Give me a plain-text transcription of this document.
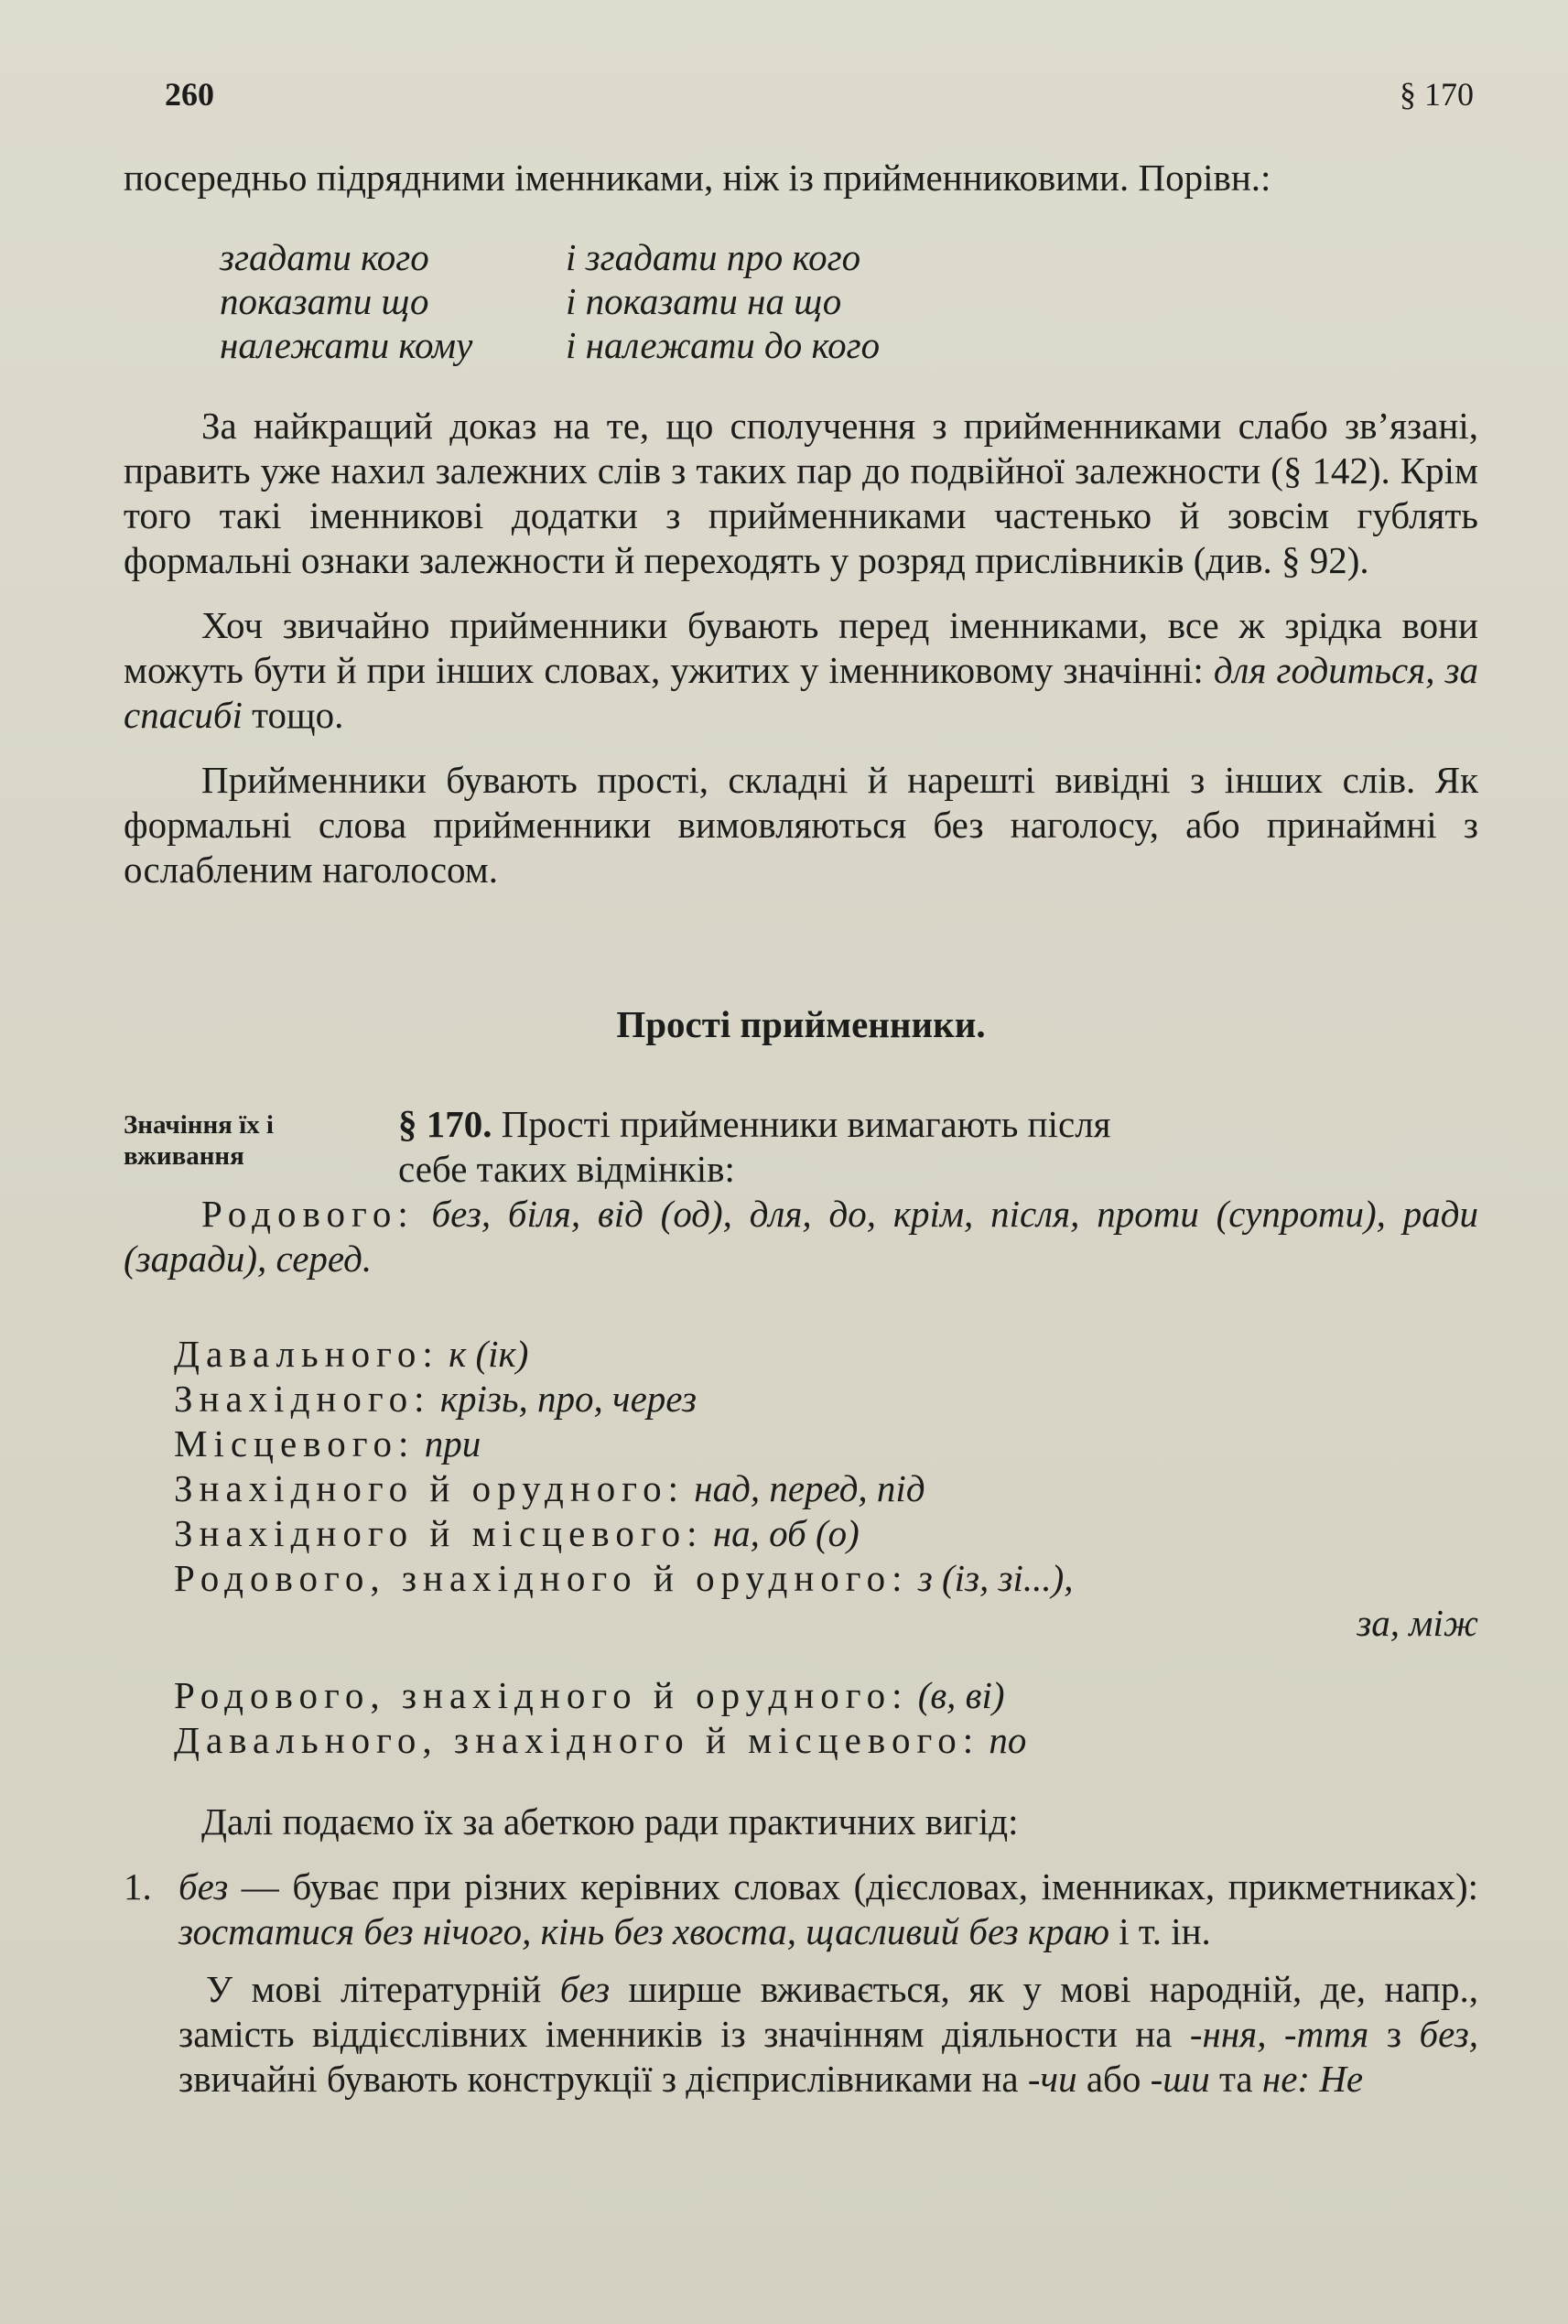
260	§ 170

посередньо підрядними іменниками, ніж із прийменниковими. Порівн.:

згадати кого	і згадати про кого
показати що	і показати на що
належати кому	і належати до кого

За найкращий доказ на те, що сполучення з прийменниками слабо зв’язані, править уже нахил залежних слів з таких пар до подвійної залежности (§ 142). Крім того такі іменникові додатки з прийменниками частенько й зовсім гублять формальні ознаки залежности й переходять у розряд прислівників (див. § 92).

Хоч звичайно прийменники бувають перед іменниками, все ж зрідка вони можуть бути й при інших словах, ужитих у іменниковому значінні: для годиться, за спасибі тощо.

Прийменники бувають прості, складні й нарешті вивідні з інших слів. Як формальні слова прийменники вимовляються без наголосу, або принаймні з ослабленим наголосом.

Прості прийменники.
Значіння їх і вживання

§ 170. Прості прийменники вимагають після

себе таких відмінків:

Родового: без, біля, від (од), для, до, крім, після, проти (супроти), ради (заради), серед.

Давального: к (ік)
Знахідного: крізь, про, через
Місцевого: при
Знахідного й орудного: над, перед, під
Знахідного й місцевого: на, об (о)
Родового, знахідного й орудного: з (із, зі...),
за, між
Родового, знахідного й орудного: (в, ві)
Давального, знахідного й місцевого: по

Далі подаємо їх за абеткою ради практичних вигід:

1. без — буває при різних керівних словах (дієсловах, іменниках, прикметниках): зостатися без нічого, кінь без хвоста, щасливий без краю і т. ін.

У мові літературній без ширше вживається, як у мові народній, де, напр., замість віддієслівних іменників із значінням діяльности на -ння, -ття з без, звичайні бувають конструкції з дієприслівниками на -чи або -ши та не: Не
